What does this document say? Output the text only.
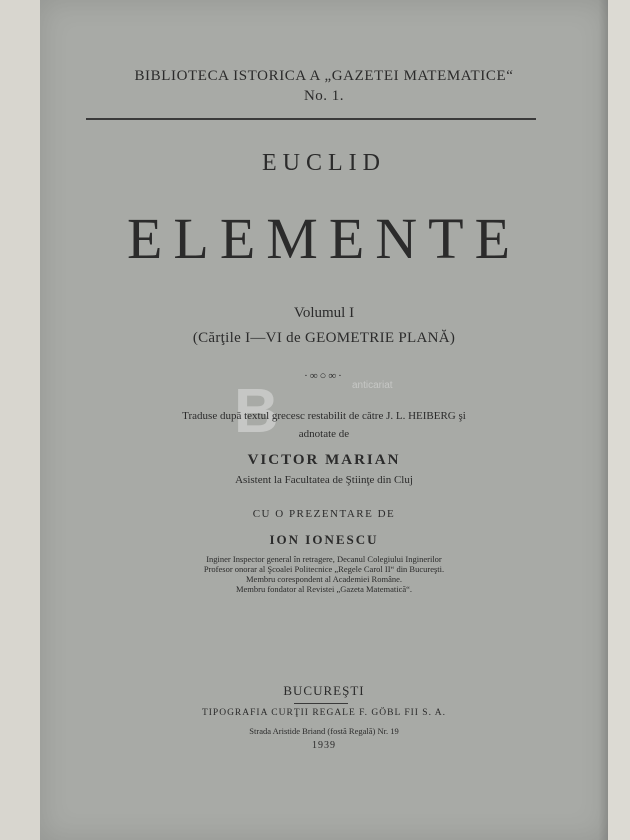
BIBLIOTECA ISTORICA A „GAZETEI MATEMATICE“
No. 1.
EUCLID
ELEMENTE
Volumul I
(Cărţile I—VI de GEOMETRIE PLANĂ)
·∞○∞·
B	anticariat
Traduse după textul grecesc restabilit de către J. L. HEIBERG şi
adnotate de
VICTOR MARIAN
Asistent la Facultatea de Ştiinţe din Cluj
CU O PREZENTARE DE
ION IONESCU
Inginer Inspector general în retragere, Decanul Colegiului Inginerilor
Profesor onorar al Şcoalei Politecnice „Regele Carol II“ din Bucureşti.
Membru corespondent al Academiei Române.
Membru fondator al Revistei „Gazeta Matematică“.
BUCUREŞTI
TIPOGRAFIA CURŢII REGALE F. GÖBL FII S. A.
Strada Aristide Briand (fostă Regală) Nr. 19
1939
